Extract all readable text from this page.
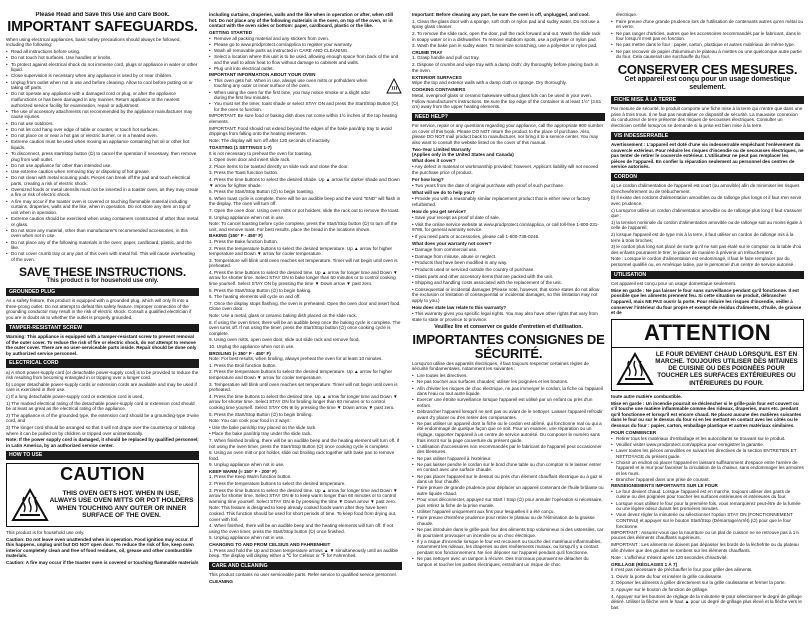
Please Read and Save this Use and Care Book.
IMPORTANT SAFEGUARDS.

When using electrical appliances, basic safety precautions should always be followed, including the following:

• Read all instructions before using.
• Do not touch hot surfaces. Use handles or knobs.
• To protect against electrical shock do not immerse cord, plugs or appliance in water or other liquid.
• Close supervision is necessary when any appliance is used by or near children.
• Unplug from outlet when not in use and before cleaning. Allow to cool before putting on or taking off parts.
• Do not operate any appliance with a damaged cord or plug, or after the appliance malfunctions or has been damaged in any manner. Return appliance to the nearest authorized service facility for examination, repair or adjustment.
• The use of accessory attachments not recommended by the appliance manufacturer may cause injuries.
• Do not use outdoors.
• Do not let cord hang over edge of table or counter, or touch hot surfaces.
• Do not place on or near a hot gas or electric burner, or in a heated oven.
• Extreme caution must be used when moving an appliance containing hot oil or other hot liquids.
• To disconnect, press start/stop button (⏻) to cancel the operation if necessary, then remove plug from wall outlet.
• Do not use appliance for other than intended use.
• Use extreme caution when removing tray or disposing of hot grease.
• Do not clean with metal scouring pads. Pieces can break off the pad and touch electrical parts, creating a risk of electric shock.
• Oversized foods or metal utensils must not be inserted in a toaster oven, as they may create a fire or risk of electric shock.
• A fire may occur if the toaster oven is covered or touching flammable material including curtains, draperies, walls and the like, when in operation. Do not store any item on top of unit when in operation.
• Extreme caution should be exercised when using containers constructed of other than metal or glass.
• Do not store any material, other than manufacturer's recommended accessories, in this oven when not in use.
• Do not place any of the following materials in the oven: paper, cardboard, plastic, and the like.
• Do not cover crumb tray or any part of this oven with metal foil. This will cause overheating of the oven.
SAVE THESE INSTRUCTIONS.
This product is for household use only.
GROUNDED PLUG

As a safety feature, this product is equipped with a grounded plug, which will only fit into a three-prong outlet. Do not attempt to defeat this safety feature. Improper connection of the grounding conductor may result in the risk of electric shock. Consult a qualified electrician if you are in doubt as to whether the outlet is properly grounded.

TAMPER-RESISTANT SCREW

Warning: This appliance is equipped with a tamper-resistant screw to prevent removal of the outer cover. To reduce the risk of fire or electric shock, do not attempt to remove the outer cover. There are no user-serviceable parts inside. Repair should be done only by authorized service personnel.

ELECTRICAL CORD

a) A short power-supply cord (or detachable power-supply cord) is to be provided to reduce the risk resulting from becoming entangled in or tripping over a longer cord.

b) Longer detachable power-supply cords or extension cords are available and may be used if care is exercised in their use.

c) If a long detachable power-supply cord or extension cord is used,

1) The marked electrical rating of the detachable power-supply cord or extension cord should be at least as great as the electrical rating of the appliance.

2) The appliance is of the grounded type, the extension cord should be a grounding-type 3-wire cord, and

3) The longer cord should be arranged so that it will not drape over the countertop or tabletop where it can be pulled on by children or tripped over unintentionally.

Note: If the power supply cord is damaged, it should be replaced by qualified personnel; in Latin America, by an authorized service center.

HOW TO USE
CAUTION
THIS OVEN GETS HOT. WHEN IN USE, ALWAYS USE OVEN MITTS OR POT HOLDERS WHEN TOUCHING ANY OUTER OR INNER SURFACE OF THE OVEN.

This product is for household use only.

Caution: Do not leave oven unattended when in operation. Food ignition may occur. If this happens, unplug unit but DO NOT open door. To reduce the risk of fire, keep oven interior completely clean and free of food residues, oil, grease and other combustible materials.

Caution: A fire may occur if the toaster oven is covered or touching flammable materials

including curtains, draperies, walls and the like when in operation or after, when still hot. Do not place any of the following materials in the oven, on top of the oven, or in contact with the oven sides or bottom: paper, cardboard, plastic or the like.

GETTING STARTED
• Remove all packing material and any stickers from oven.
• Please go to www.prodprotect.com/applica to register your warranty.
• Wash all removable parts as instructed in CARE AND CLEANING.
• Select a location where this unit is to be used, allowing enough space from back of the unit and the wall to allow heat to flow without damage to cabinets and walls.
• Plug unit into electrical outlet.
IMPORTANT INFORMATION ABOUT YOUR OVEN
• This oven gets hot. When in use, always use oven mitts or potholders when touching any outer or inner surface of the oven.
• When using the oven for the first time, you may notice smoke or a slight odor during the first few minutes.
• You must set the timer, toast shade or select STAY ON and press the Start/Stop Button (⏻) for the oven to function.

IMPORTANT: Be sure food or baking dish does not come within 1½ inches of the top heating elements.

IMPORTANT: Food should not extend beyond the edges of the bake pan/drip tray to avoid drippings from falling onto the heating elements.

Note: The display will turn off after 120 seconds of inactivity.

TOASTING (1 SETTINGS 1-7)

It is not necessary to preheat the oven for toasting.

1. Open oven door and insert slide rack.

2. Place items to be toasted directly on slide rack and close the door.

3. Press the Toast function button.

4. Press the time buttons to select the desired shade. Up ▲ arrow for darker shade and Down ▼ arrow for lighter shade.

5. Press the Start/Stop Button (⏻) to begin toasting.

6. When toast cycle is complete, there will be an audible beep and the word "END" will flash in the display. The oven will turn off.

7. Open the oven door. Using oven mitts or pot holders, slide the rack out to remove the toast.

8. Unplug appliance when not in use.

Note: To cancel toasting before cycle complete, press the Start/Stop button (⏻) to turn off the unit, and remove toast. For best results, place the bread in the locations shown.

BAKING (150° F - 450° F)

1. Press the Bake function button.

2. Press the temperature buttons to select the desired temperature. Up ▲ arrow for higher temperature and Down ▼ arrow for cooler temperature.

3. Temperature will blink until oven reaches set temperature. Timer will not begin until oven is preheated.

4. Press the time buttons to select the desired time. Up ▲ arrow for longer time and Down ▼ arrow for shorter time. Select STAY ON to bake longer than 60 minutes or to control cooking time yourself. Select STAY ON by pressing the time ▼ Down arrow ▼ past zero.

5. Press the Start/Stop Button (⏻) to begin baking.

6. The heating elements will cycle on and off.

7. Once the display stops flashing, the oven is preheated. Open the oven door and insert food. Close oven door.

Note: Use a metal, glass or ceramic baking dish placed on the slide rack.

8. If using the oven timer, there will be an audible beep once the baking cycle is complete. The oven turns off. If not using the timer, press the Start/Stop button (⏻) once cooking cycle is complete.

9. Using oven mitts, open oven door, slide out slide rack and remove food.

10. Unplug the appliance when not in use.

BROILING (≈ 350° F - 450° F)

Note: For best results, when broiling, always preheat the oven for at least 10 minutes.

1. Press the Broil function button.

2. Press the temperature buttons to select the desired temperature. Up ▲ arrow for higher temperature and Down ▼ arrow for cooler temperature.

3. Temperature will blink until oven reaches set temperature. Timer will not begin until oven is preheated.

4. Press the time buttons to select the desired time. Up ▲ arrow for longer time and Down ▼ arrow for shorter time. Select STAY ON for broiling longer than 60 minutes or to control cooking time yourself. Select STAY ON ⊕ by pressing the time ▼ Down arrow ▼ past zero.

5. Press the Start/Stop Button (⏻) to begin broiling.

Note: You can cook your food in 2 ways:

• Use the bake pan/drip tray placed on the slide rack.

• Place the bake pan/drip tray under the slide rack.

7. When finished broiling, there will be an audible beep and the heating element will turn off. If not using the oven timer, press the Start/Stop Button (⏻) once cooking cycle is complete.

8. Using an oven mitt or pot holder, slide out broiling rack together with bake pan to remove food.

9. Unplug appliance when not in use.

KEEP WARM (≈ 150° F - 200° F)

1. Press the Keep Warm function button.

2. Press the temperature buttons to select the desired temperature.

3. Press the time buttons to select the desired time. Up ▲ arrow for longer time and Down ▼ arrow for shorter time. Select STAY ON ⊕ to keep warm longer than 60 minutes or to control warming time yourself. Select STAY ON ⊕ by pressing the time ▼ Down arrow ▼ past zero.

Note: This feature is designed to keep already cooked foods warm after they have been cooked. This function should be used for short periods of time. To keep food from drying out, cover with foil.

4. When finished, there will be an audible beep and the heating elements will turn off. If not using the oven timer, press the Start/Stop button (⏻) once finished.

5. Unplug appliance when not in use.

CHANGING TO AND FROM CELSIUS AND FAHRENHEIT

1. Press and hold the Up and Down temperature arrows ▲ ▼ simultaneously until an audible beep. The display will display either a ℃ for Celsius or ℉ for Fahrenheit.

CARE AND CLEANING

This product contains no user serviceable parts. Refer service to qualified service personnel.

CLEANING

Important: Before cleaning any part, be sure the oven is off, unplugged, and cool.

1. Clean the glass door with a sponge, soft cloth or nylon pad and sudsy water. Do not use a spray glass cleaner.

2. To remove the slide rack, open the door, pull the rack forward and out. Wash the slide rack in soapy water or in a dishwasher. To remove stubborn spots, use a polyester or nylon pad.

3. Wash the bake pan in sudsy water. To minimize scratching, use a polyester or nylon pad.

CRUMB TRAY

1. Grasp handle and pull out tray.

2. Dispose of crumbs and wipe tray with a damp cloth; dry thoroughly before placing back in the oven.

EXTERIOR SURFACES

Wipe the top and exterior walls with a damp cloth or sponge. Dry thoroughly.

COOKING CONTAINERS

Metal, ovenproof glass or ceramic bakeware without glass lids can be used in your oven. Follow manufacturer's instructions. Be sure the top edge of the container is at least 1½" (3.81 cm) away from the upper heating elements.

NEED HELP?

For service, repair or any questions regarding your appliance, call the appropriate 800 number on cover of this book. Please DO NOT return the product to the place of purchase. Also, please DO NOT mail product back to manufacturer, nor bring it to a service center. You may also want to consult the website listed on the cover of this manual.

Two-Year Limited Warranty
(Applies only in the United States and Canada)

What does it cover?

• Any defect in material or workmanship provided; however, Applica's liability will not exceed the purchase price of product.

For how long?

• Two years from the date of original purchase with proof of such purchase.

What will we do to help you?

• Provide you with a reasonably similar replacement product that is either new or factory refurbished.

How do you get service?

• Save your receipt as proof of date of sale.

• Visit the online service website at www.prodprotect.com/applica, or call toll-free 1-800-231-9786, for general warranty service.

• If you need parts or accessories, please call 1-800-738-0245.

What does your warranty not cover?

• Damage from commercial use.

• Damage from misuse, abuse or neglect.

• Products that have been modified in any way.

• Products used or serviced outside the country of purchase.

• Glass parts and other accessory items that are packed with the unit.

• Shipping and handling costs associated with the replacement of the unit.

• Consequential or incidental damages (Please note, however, that some states do not allow the exclusion or limitation of consequential or incidental damages, so this limitation may not apply to you.)

How does state law relate to this warranty?

• This warranty gives you specific legal rights. You may also have other rights that vary from state to state or province to province.

Veuillez lire et conserver ce guide d'entretien et d'utilisation.
IMPORTANTES CONSIGNES DE
SÉCURITÉ.

Lorsqu'on utilise des appareils électriques, il faut toujours respecter certaines règles de sécurité fondamentales, notamment les suivantes :

• Lire toutes les directives.
• Ne pas toucher aux surfaces chaudes; utiliser les poignées et les boutons.
• Afin d'éviter les risques de choc électrique, ne pas immerger le cordon, la fiche ou l'appareil dans l'eau ou tout autre liquide.
• Exercer une étroite surveillance lorsque l'appareil est utilisé par un enfant ou près d'un enfant.
• Débrancher l'appareil lorsqu'il ne sert pas ou avant de le nettoyer. Laisser l'appareil refroidir avant d'y placer ou d'en retirer des composantes.
• Ne pas utiliser un appareil dont la fiche ou le cordon est abîmé, qui fonctionne mal ou qui a été endommagé de quelque façon que ce soit. Pour un examen, une réparation ou un réglage, rapporter l'appareil à un centre de service autorisé. Ou composer le numéro sans frais inscrit sur la page couverture du présent guide.
• L'utilisation d'accessoires non recommandés par le fabricant de l'appareil peut occasionner des blessures.
• Ne pas utiliser l'appareil à l'extérieur.
• Ne pas laisser pendre le cordon sur le bord d'une table ou d'un comptoir ni le laisser entrer en contact avec une surface chaude.
• Ne pas placer l'appareil sur le dessus ou près d'un élément chauffant électrique ou à gaz ni dans un four chauffé.
• Faire preuve de grande prudence pour déplacer un appareil contenant de l'huile brûlante ou autre liquide chaud.
• Pour vous déconnecter, appuyez sur Start / Stop (⏻) pour annuler l'opération si nécessaire, puis retirez la fiche de la prise murale.
• Utiliser l'appareil uniquement aux fins pour lesquelles il a été conçu.
• Faire preuve d'extrême prudence pour retirer le plateau ou de l'élimination de la graisse chaude.
• Ne pas introduire dans le grille-pain four des aliments trop volumineux ni des ustensiles, car ils pourraient provoquer un incendie ou un choc électrique.
• Il y a risque d'incendie lorsque le four est recouvert ou touche des matériaux inflammables, notamment les rideaux, les draperies ou des revêtements muraux, ou lorsqu'il y a contact pendant son fonctionnement. Ne rien déposer sur l'appareil pendant qu'il fonctionne.
• Ne pas nettoyer avec un tampon à récurer. Des morceaux pourraient se détacher du tampon et toucher les parties électriques, entraînant un risque de choc

électrique.

• Faire preuve d'une grande prudence lors de l'utilisation de contenants autres qu'en métal ou en verre.
• Ne pas ranger d'articles, autres que les accessoires recommandés par le fabricant, dans le four lorsqu'il n'est pas en fonction.
• Ne pas mettre dans le four : papier, carton, plastique et autres matériaux de même type.
• Ne pas recouvrir de papier d'aluminium le plateau à miettes ou une quelconque autre partie du four. Cela causerait une surchauffe du four.
CONSERVER CES MESURES.
Cet appareil est conçu pour un usage domestique seulement.
FICHE MISE À LA TERRE

Par mesure de sécurité, le produit comporte une fiche mise à la terre qui n'entre que dans une prise à trois trous. Il ne faut pas neutraliser ce dispositif de sécurité. La mauvaise connexion du conducteur de terre présente des risques de secousses électriques. Consulter un électricien certifié lorsqu'on se demande si la prise est bien mise à la terre.

VIS INDESSERRABLE

Avertissement : L'appareil est doté d'une vis indesserrable empêchant l'enlèvement du couvercle extérieur. Pour réduire les risques d'incendie ou de secousses électriques, ne pas tenter de retirer le couvercle extérieur. L'utilisateur ne peut pas remplacer les pièces de l'appareil. En confier la réparation seulement au personnel des centres de service autorisés.

CORDON

a) Le cordon d'alimentation de l'appareil est court (ou amovible) afin de minimiser les risques d'enchevêtrement ou de trébuchement.

b) Il existe des cordons d'alimentation amovibles ou de rallonge plus longs et il faut s'en servir avec prudence.

c) Lorsqu'on utilise un cordon d'alimentation amovible ou de rallonge plus long il faut s'assurer que :

1) la tension nominale du cordon d'alimentation amovible ou de rallonge soit au moins égale à celle de l'appareil;

2) lorsque l'appareil est de type mis à la terre, il faut utiliser un cordon de rallonge mis à la terre à trois broches;

3) le cordon plus long soit placé de sorte qu'il ne soit pas étalé sur le comptoir ou la table d'où des enfants pourraient le tirer, le placer de manière à prévenir un trébuchement.

Note : Lorsque le cordon d'alimentation est endommagé, il faut le faire remplacer par du personnel qualifié ou, en Amérique latine, par le personnel d'un centre de service autorisé.

UTILISATION

Cet appareil est conçu pour un usage domestique seulement.

Mise en garde : Ne pas laisser le four sans surveillance pendant qu'il fonctionne. Il est possible que les aliments prennent feu. Si cette situation se produit, débrancher l'appareil, mais NE PAS ouvrir la porte. Pour réduire les risques d'incendie, veiller à conserver l'intérieur du four propre et exempt de résidus d'aliments, d'huile, de graisse et de

ATTENTION
LE FOUR DEVIENT CHAUD LORSQU'IL EST EN MARCHE. TOUJOURS UTILISER DES MITAINES DE CUISINE OU DES POIGNÉES POUR TOUCHER LES SURFACES EXTÉRIEURES OU INTÉRIEURES DU FOUR.

toute autre matière combustible.

Mise en garde : Un incendie pourrait se déclencher si le grille-pain four est couvert ou s'il touche une matière inflammable comme des rideaux, draperies, murs etc. pendant qu'il fonctionne et lorsqu'il est encore chaud. Ne placez aucune des matières suivantes dans le four ou sur le dessus du four ni en les mettant en contact avec les côtés ou le dessous du four : papier, carton, emballage plastique et autres matériaux similaires.

POUR COMMENCER
• Retirer tous les matériaux d'emballage et les autocollants se trouvant sur le produit.
• Veuillez visiter www.prodprotect.com/applica pour enregistrer la garantie.
• Laver toutes les pièces amovibles en suivant les directives de la section ENTRETIEN ET NETTOYAGE du présent guide.
• Choisir un endroit où placer l'appareil en laissant suffisamment d'espace entre l'arrière de l'appareil et le mur pour favoriser la circulation de la chaleur, sans endommager les armoires et les murs.
• Brancher l'appareil dans une prise de courant.
RENSEIGNEMENTS IMPORTANTS SUR LE FOUR
• Le four devient chaud. Lorsque l'appareil est en marche, toujours utiliser des gants de cuisine ou des poignées pour toucher les surfaces extérieures et intérieures du four.
• Lorsque vous utilisez le four pour la première fois, vous remarquerez peut-être de la fumée ou une légère odeur durant les premières minutes.
• Vous devez régler la minuterie ou sélectionner l'option STAY ON (FONCTIONNEMENT CONTINU) et appuyer sur le bouton Start/Stop (Démarrage/Arrêt) (⏻) pour que le four fonctionne.

IMPORTANT : Assurez-vous que la nourriture ou un plat de cuisson ne se retrouve pas à 1½ pouces des éléments chauffants supérieurs.

IMPORTANT : Les aliments ne doivent pas dépasser les bords de la lèchefrite ou du plateau afin d'éviter que des gouttes ne tombent sur les éléments chauffants.

Note : L'afficheur s'éteint après 120 secondes d'inactivité.

GRILLAGE (RÉGLAGES 1 À 7)

Il n'est pas nécessaire de préchauffer le four pour griller des aliments.

1. Ouvrir la porte du four et insérer la grille coulissante.

2. Déposer les aliments à griller directement sur la grille coulissante et fermer la porte.

3. Appuyer sur le bouton de fonction de grillage.

4. Appuyer sur les boutons de réglage de la minuterie ⊕ pour sélectionner le degré de grillage désiré. Utiliser la flèche vers le haut ▲ pour un degré de grillage plus élevé et la flèche vers le bas
